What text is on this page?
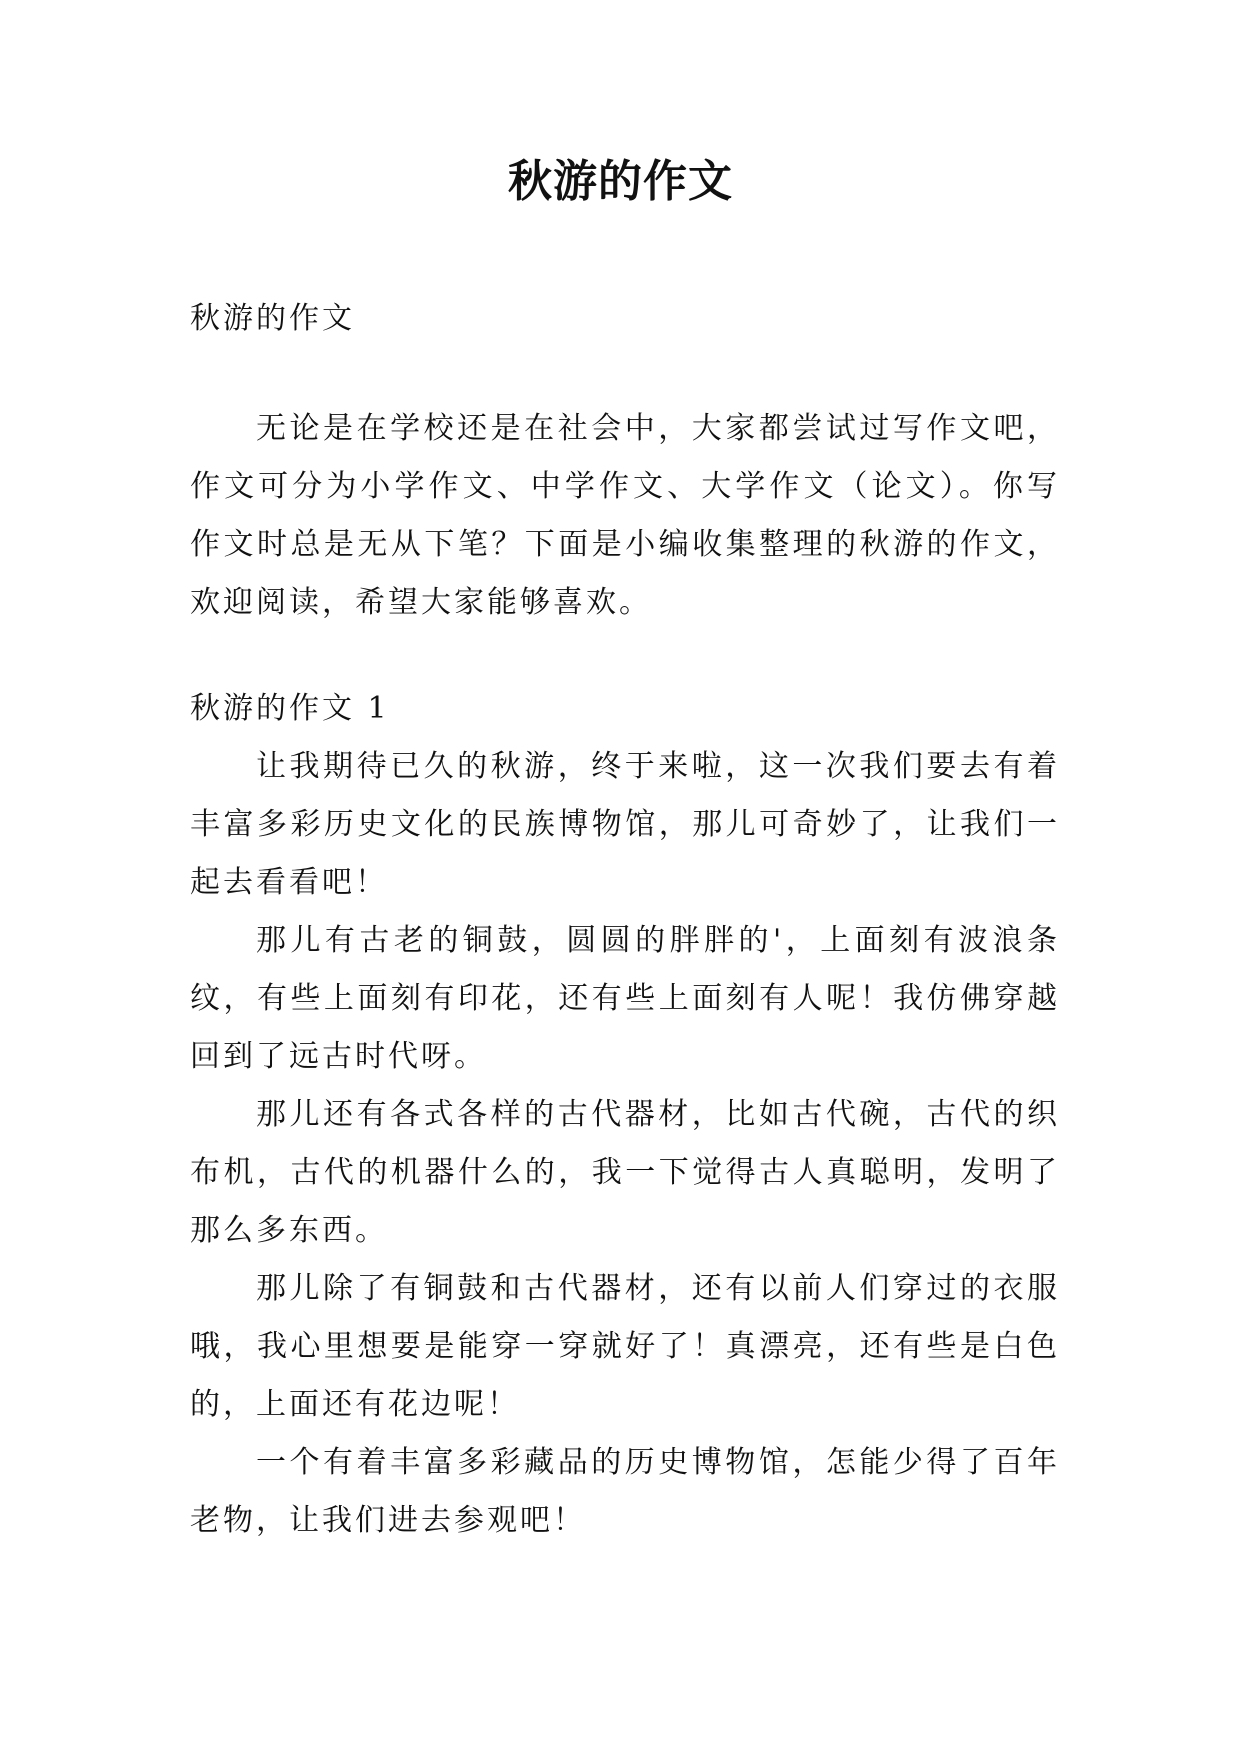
秋游的作文

秋游的作文

无论是在学校还是在社会中，大家都尝试过写作文吧，作文可分为小学作文、中学作文、大学作文（论文）。你写作文时总是无从下笔？下面是小编收集整理的秋游的作文，欢迎阅读，希望大家能够喜欢。

秋游的作文 1

让我期待已久的秋游，终于来啦，这一次我们要去有着丰富多彩历史文化的民族博物馆，那儿可奇妙了，让我们一起去看看吧！

那儿有古老的铜鼓，圆圆的胖胖的'，上面刻有波浪条纹，有些上面刻有印花，还有些上面刻有人呢！我仿佛穿越回到了远古时代呀。

那儿还有各式各样的古代器材，比如古代碗，古代的织布机，古代的机器什么的，我一下觉得古人真聪明，发明了那么多东西。

那儿除了有铜鼓和古代器材，还有以前人们穿过的衣服哦，我心里想要是能穿一穿就好了！真漂亮，还有些是白色的，上面还有花边呢！

一个有着丰富多彩藏品的历史博物馆，怎能少得了百年老物，让我们进去参观吧！
